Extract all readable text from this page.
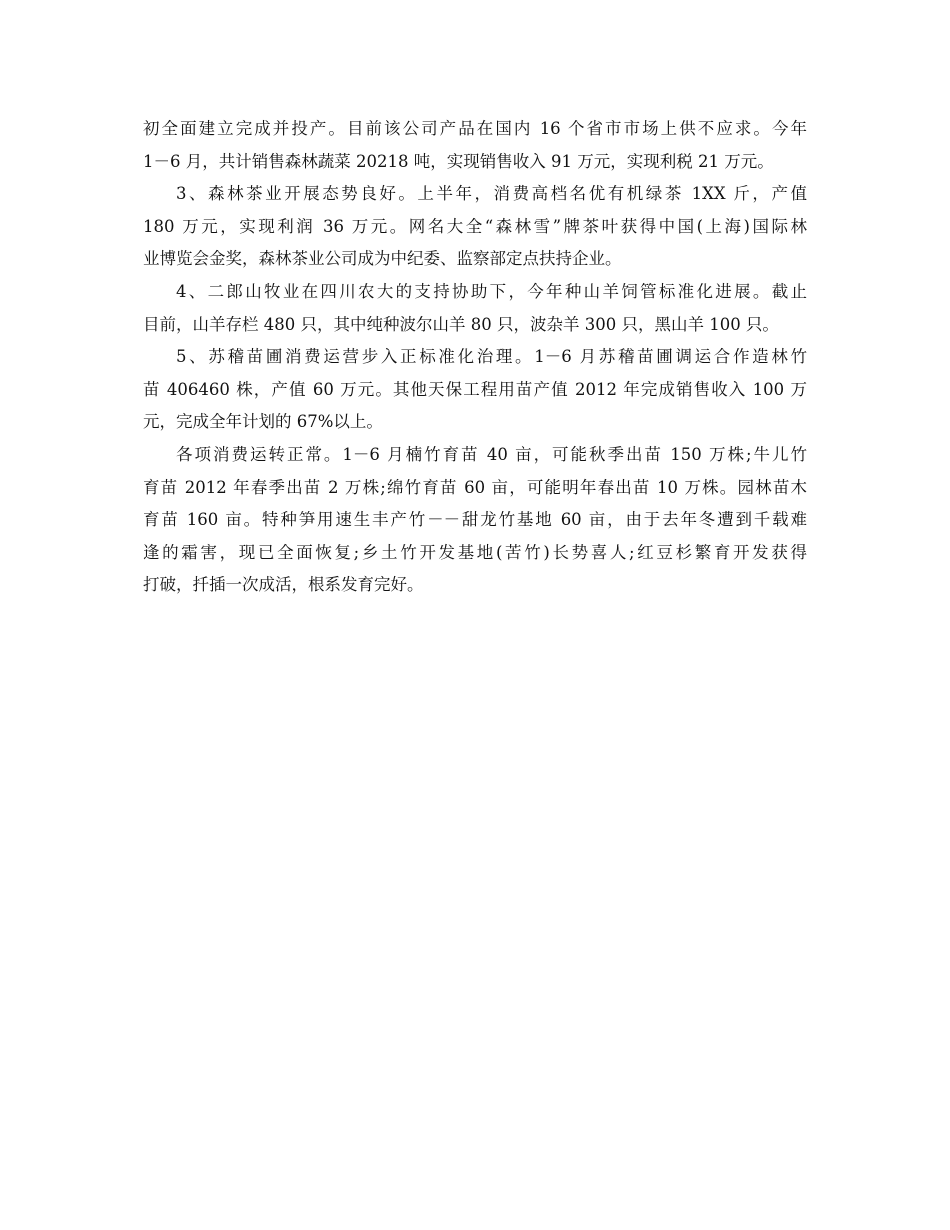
初全面建立完成并投产。目前该公司产品在国内 16 个省市市场上供不应求。今年
1－6 月，共计销售森林蔬菜 20218 吨，实现销售收入 91 万元，实现利税 21 万元。

3、森林茶业开展态势良好。上半年，消费高档名优有机绿茶 1XX 斤，产值
180 万元，实现利润 36 万元。网名大全“森林雪”牌茶叶获得中国(上海)国际林
业博览会金奖，森林茶业公司成为中纪委、监察部定点扶持企业。

4、二郎山牧业在四川农大的支持协助下，今年种山羊饲管标准化进展。截止
目前，山羊存栏 480 只，其中纯种波尔山羊 80 只，波杂羊 300 只，黑山羊 100 只。

5、苏稽苗圃消费运营步入正标准化治理。1－6 月苏稽苗圃调运合作造林竹
苗 406460 株，产值 60 万元。其他天保工程用苗产值 2012 年完成销售收入 100 万
元，完成全年计划的 67%以上。

各项消费运转正常。1－6 月楠竹育苗 40 亩，可能秋季出苗 150 万株;牛儿竹
育苗 2012 年春季出苗 2 万株;绵竹育苗 60 亩，可能明年春出苗 10 万株。园林苗木
育苗 160 亩。特种笋用速生丰产竹－－甜龙竹基地 60 亩，由于去年冬遭到千载难
逢的霜害，现已全面恢复;乡土竹开发基地(苦竹)长势喜人;红豆杉繁育开发获得
打破，扦插一次成活，根系发育完好。
